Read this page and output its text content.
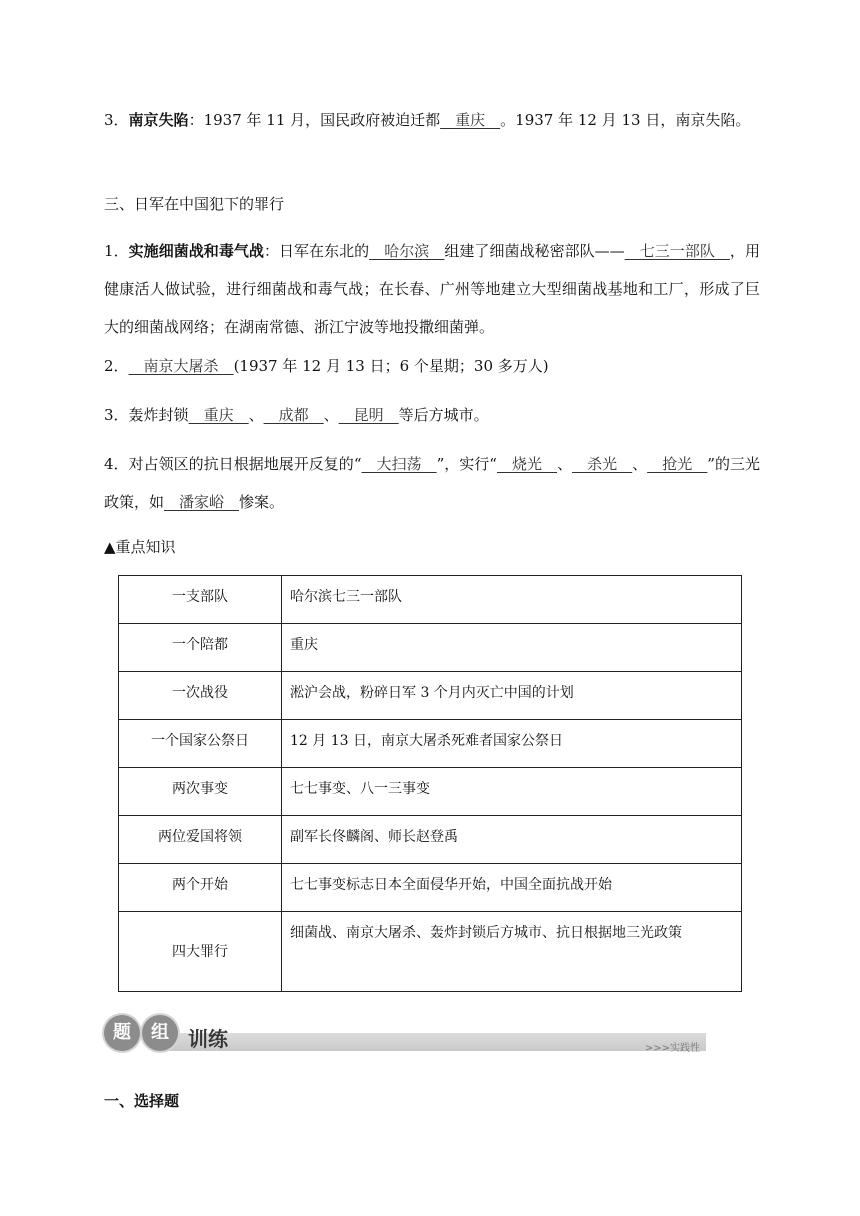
3．南京失陷：1937 年 11 月，国民政府被迫迁都__重庆__。1937 年 12 月 13 日，南京失陷。
三、日军在中国犯下的罪行
1．实施细菌战和毒气战：日军在东北的__哈尔滨__组建了细菌战秘密部队——__七三一部队__，用健康活人做试验，进行细菌战和毒气战；在长春、广州等地建立大型细菌战基地和工厂，形成了巨大的细菌战网络；在湖南常德、浙江宁波等地投撒细菌弹。
2．__南京大屠杀__(1937 年 12 月 13 日；6 个星期；30 多万人)
3．轰炸封锁__重庆__、__成都__、__昆明__等后方城市。
4．对占领区的抗日根据地展开反复的“__大扫荡__”，实行“__烧光__、__杀光__、__抢光__”的三光政策，如__潘家峪__惨案。
▲重点知识
一支部队	哈尔滨七三一部队
一个陪都	重庆
一次战役	淞沪会战，粉碎日军 3 个月内灭亡中国的计划
一个国家公祭日	12 月 13 日，南京大屠杀死难者国家公祭日
两次事变	七七事变、八一三事变
两位爱国将领	副军长佟麟阁、师长赵登禹
两个开始	七七事变标志日本全面侵华开始，中国全面抗战开始
四大罪行	细菌战、南京大屠杀、轰炸封锁后方城市、抗日根据地三光政策
题	组 训练	>>>实践性
一、选择题
